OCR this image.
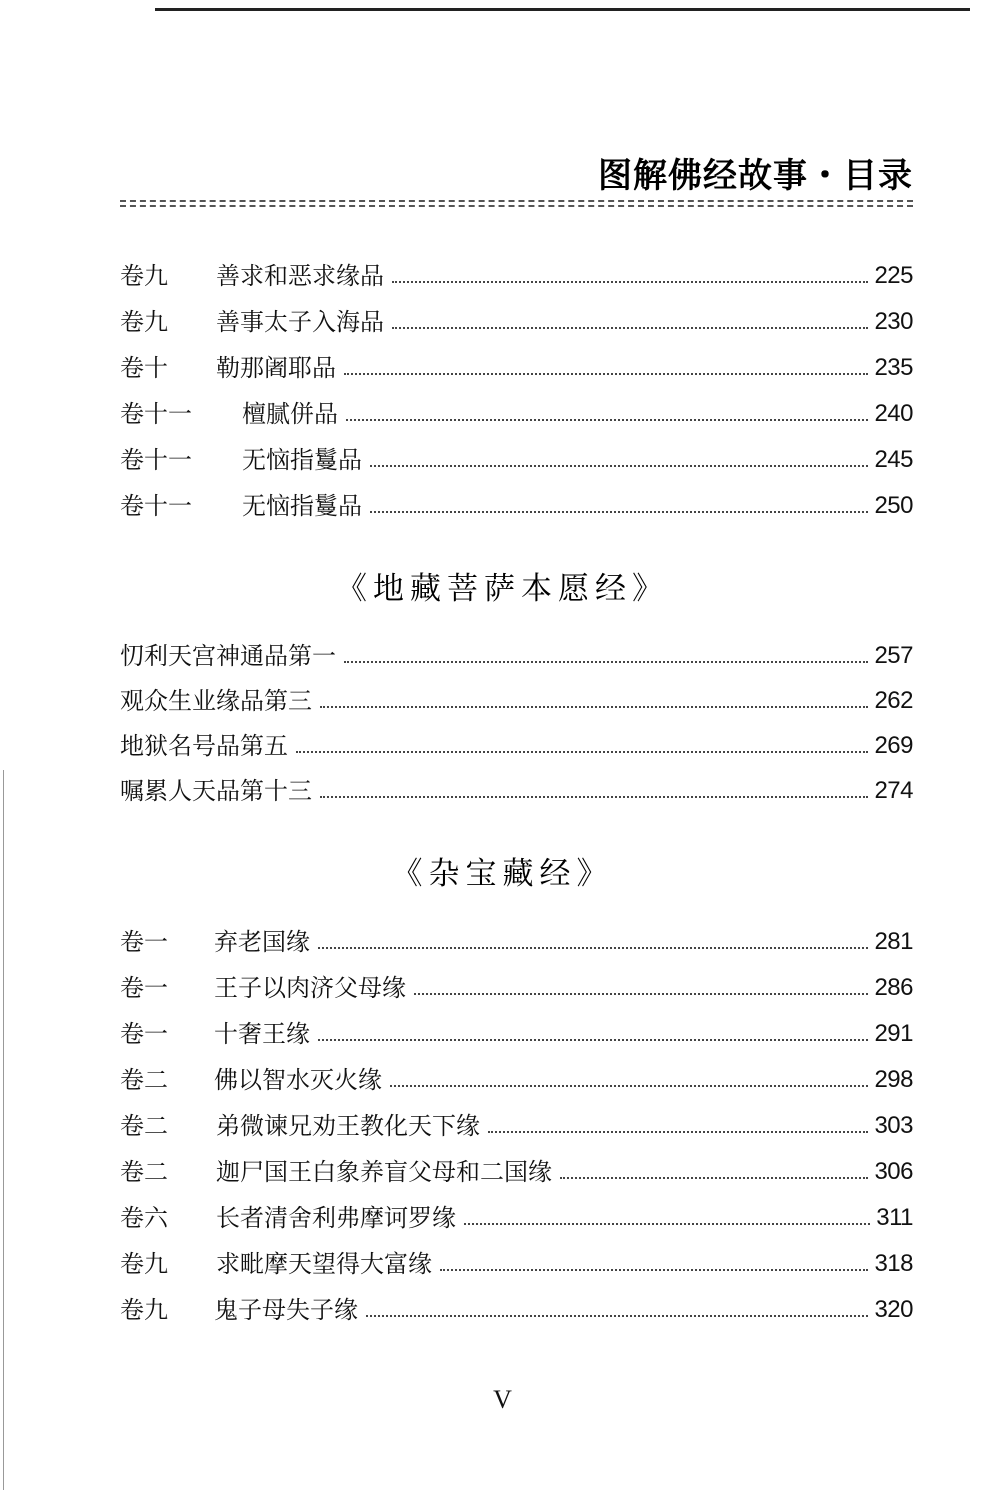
图解佛经故事・目录
卷九	善求和恶求缘品	225
卷九	善事太子入海品	230
卷十	勒那阇耶品	235
卷十一	檀腻併品	240
卷十一	无恼指鬘品	245
卷十一	无恼指鬘品	250
《地藏菩萨本愿经》
忉利天宫神通品第一	257
观众生业缘品第三	262
地狱名号品第五	269
嘱累人天品第十三	274
《杂宝藏经》
卷一	弃老国缘	281
卷一	王子以肉济父母缘	286
卷一	十奢王缘	291
卷二	佛以智水灭火缘	298
卷二	弟微谏兄劝王教化天下缘	303
卷二	迦尸国王白象养盲父母和二国缘	306
卷六	长者清舍利弗摩诃罗缘	311
卷九	求毗摩天望得大富缘	318
卷九	鬼子母失子缘	320
V
